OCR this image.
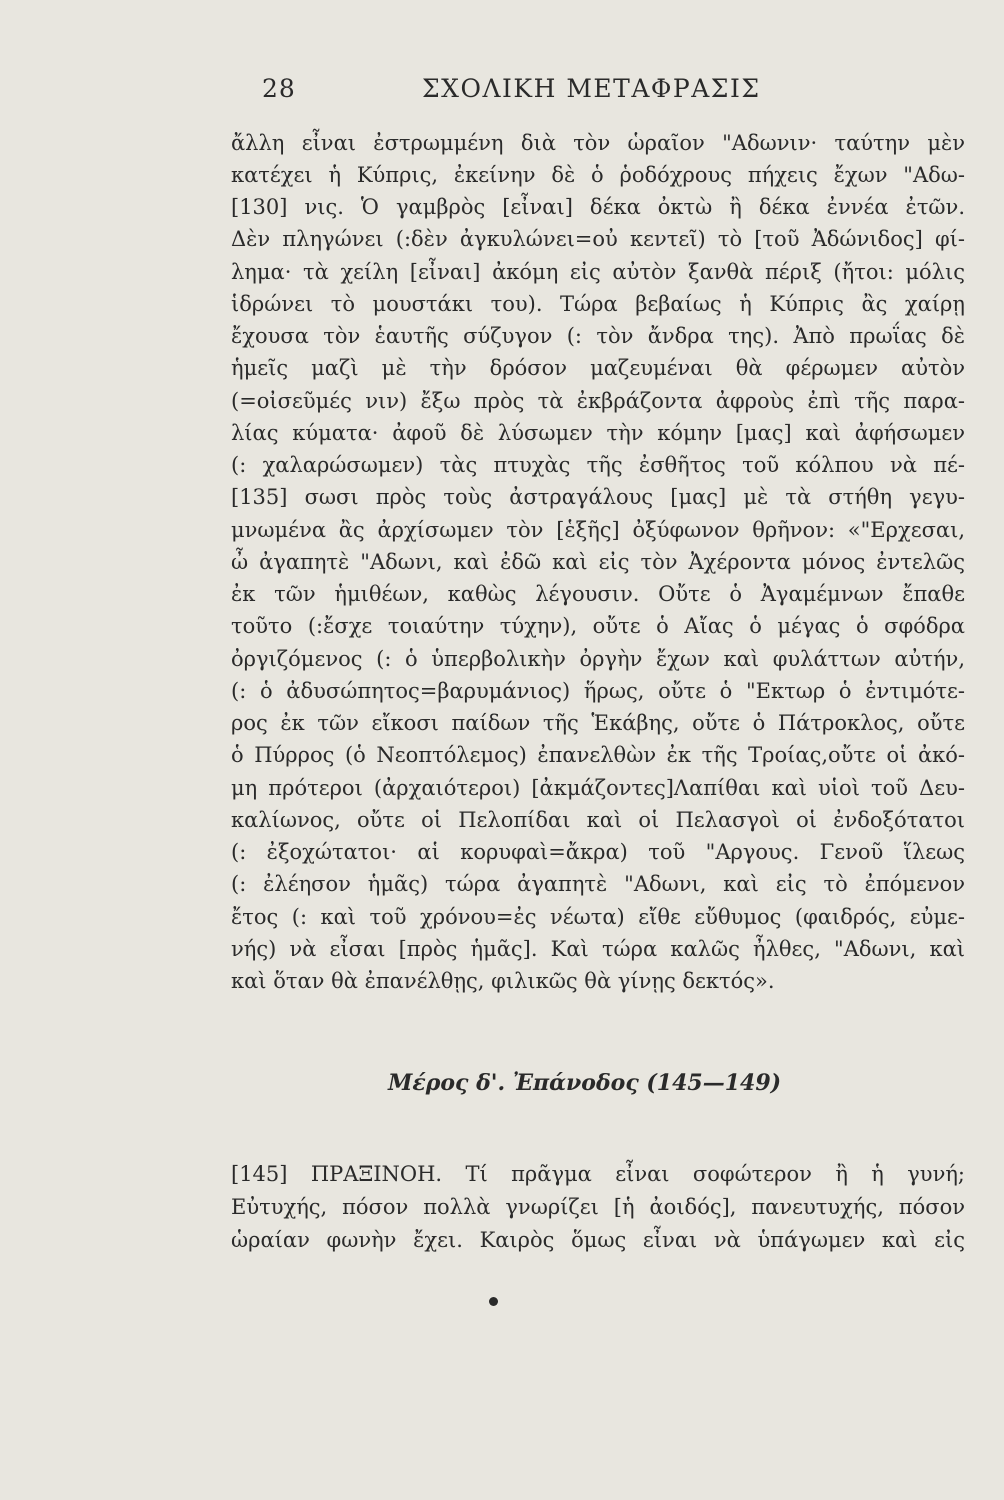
28	ΣΧΟΛΙΚΗ ΜΕΤΑΦΡΑΣΙΣ
ἄλλη εἶναι ἐστρωμμένη διὰ τὸν ὡραῖον "Αδωνιν· ταύτην μὲν
κατέχει ἡ Κύπρις, ἐκείνην δὲ ὁ ῥοδόχρους πήχεις ἔχων "Αδω-
[130] νις. Ὁ γαμβρὸς [εἶναι] δέκα ὀκτὼ ἢ δέκα ἐννέα ἐτῶν.
Δὲν πληγώνει (:δὲν ἀγκυλώνει=οὐ κεντεῖ) τὸ [τοῦ Ἀδώνιδος] φί-
λημα· τὰ χείλη [εἶναι] ἀκόμη εἰς αὐτὸν ξανθὰ πέριξ (ἤτοι: μόλις
ἱδρώνει τὸ μουστάκι του). Τώρα βεβαίως ἡ Κύπρις ἂς χαίρῃ
ἔχουσα τὸν ἑαυτῆς σύζυγον (: τὸν ἄνδρα της). Ἀπὸ πρωΐας δὲ
ἡμεῖς μαζὶ μὲ τὴν δρόσον μαζευμέναι θὰ φέρωμεν αὐτὸν
(=οἰσεῦμές νιν) ἔξω πρὸς τὰ ἐκβράζοντα ἀφροὺς ἐπὶ τῆς παρα-
λίας κύματα· ἀφοῦ δὲ λύσωμεν τὴν κόμην [μας] καὶ ἀφήσωμεν
(: χαλαρώσωμεν) τὰς πτυχὰς τῆς ἐσθῆτος τοῦ κόλπου νὰ πέ-
[135] σωσι πρὸς τοὺς ἀστραγάλους [μας] μὲ τὰ στήθη γεγυ-
μνωμένα ἂς ἀρχίσωμεν τὸν [ἑξῆς] ὀξύφωνον θρῆνον: «"Ερχεσαι,
ὦ ἀγαπητὲ "Αδωνι, καὶ ἐδῶ καὶ εἰς τὸν Ἀχέροντα μόνος ἐντελῶς
ἐκ τῶν ἡμιθέων, καθὼς λέγουσιν. Οὔτε ὁ Ἀγαμέμνων ἔπαθε
τοῦτο (:ἔσχε τοιαύτην τύχην), οὔτε ὁ Αἴας ὁ μέγας ὁ σφόδρα
ὀργιζόμενος (: ὁ ὑπερβολικὴν ὀργὴν ἔχων καὶ φυλάττων αὐτήν,
(: ὁ ἀδυσώπητος=βαρυμάνιος) ἥρως, οὔτε ὁ "Εκτωρ ὁ ἐντιμότε-
ρος ἐκ τῶν εἴκοσι παίδων τῆς Ἑκάβης, οὔτε ὁ Πάτροκλος, οὔτε
ὁ Πύρρος (ὁ Νεοπτόλεμος) ἐπανελθὼν ἐκ τῆς Τροίας,οὔτε οἱ ἀκό-
μη πρότεροι (ἀρχαιότεροι) [ἀκμάζοντες]Λαπίθαι καὶ υἱοὶ τοῦ Δευ-
καλίωνος, οὔτε οἱ Πελοπίδαι καὶ οἱ Πελασγοὶ οἱ ἐνδοξότατοι
(: ἐξοχώτατοι· αἱ κορυφαὶ=ἄκρα) τοῦ "Αργους. Γενοῦ ἵλεως
(: ἐλέησον ἡμᾶς) τώρα ἀγαπητὲ "Αδωνι, καὶ εἰς τὸ ἐπόμενον
ἔτος (: καὶ τοῦ χρόνου=ἐς νέωτα) εἴθε εὔθυμος (φαιδρός, εὐμε-
νής) νὰ εἶσαι [πρὸς ἡμᾶς]. Καὶ τώρα καλῶς ἦλθες, "Αδωνι, καὶ
καὶ ὅταν θὰ ἐπανέλθῃς, φιλικῶς θὰ γίνῃς δεκτός».
Μέρος δ'. Ἐπάνοδος (145—149)
[145] ΠΡΑΞΙΝΟΗ. Τί πρᾶγμα εἶναι σοφώτερον ἢ ἡ γυνή;
Εὐτυχής, πόσον πολλὰ γνωρίζει [ἡ ἀοιδός], πανευτυχής, πόσον
ὡραίαν φωνὴν ἔχει. Καιρὸς ὅμως εἶναι νὰ ὑπάγωμεν καὶ εἰς
